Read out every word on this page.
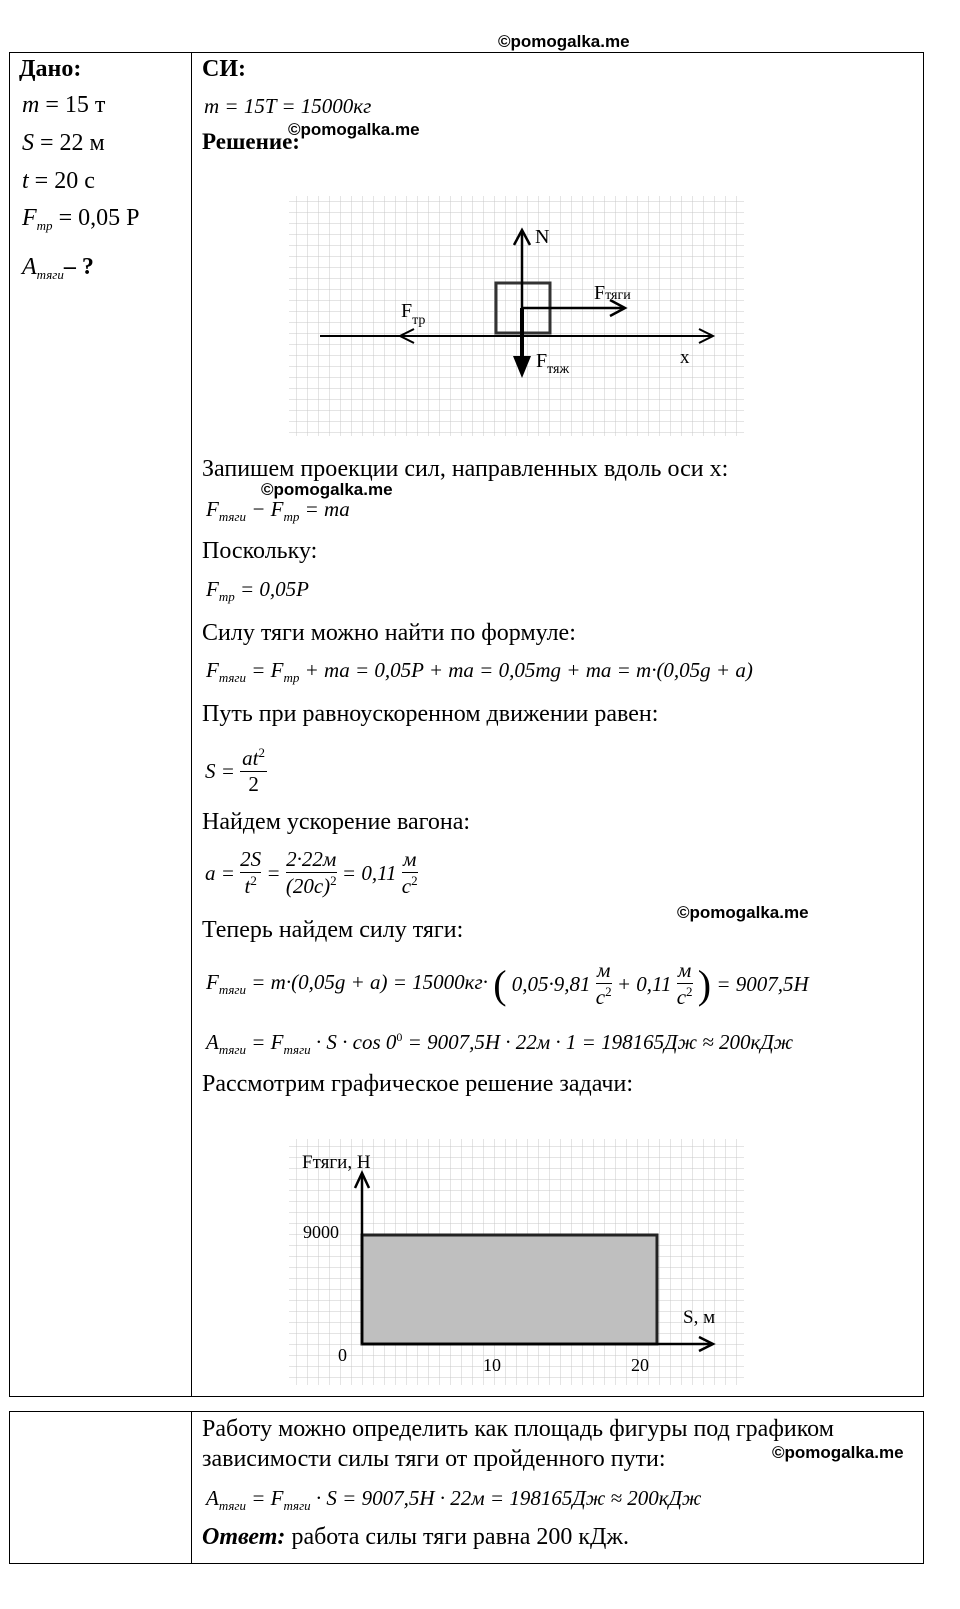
©pomogalka.me
©pomogalka.me
©pomogalka.me
©pomogalka.me
©pomogalka.me
Дано:
m = 15 т
S = 22 м
t = 20 с
$F_{тр} = 0,05$ P
$A_{тяги}-$ ?
СИ:
m = 15T = 15000кг
Решение:
N
Fтяги
$F_{тр}$
$F_{тяж}$
x
Запишем проекции сил, направленных вдоль оси x:
$F_{тяги} - F_{тр}$ = ma
Поскольку:
$F_{тр} = 0,05P$
Силу тяги можно найти по формуле:
$F_{тяги} = F_{тр}$ + ma = 0,05P + ma = 0,05mg + ma = m·(0,05g + a)
Путь при равноускоренном движении равен:
$S = \frac{at^2}{2}$
Найдем ускорение вагона:
$a = \frac{2S}{t^2}$ =
2·22м
$(20с)^2 = 0,11$
м
$с^2$
Теперь найдем силу тяги:
$F_{тяги} = m\cdot(0,05g + a) = 15000кг\cdot$ ( 0,05·9,81
м
$с^2 + 0,11$
м
$с^2$ ) = 9007,5Н
$A_{тяги} = F_{тяги} \cdot S \cdot \cos 0^0 = 9007,5Н \cdot 22м \cdot 1 = 198165Дж \approx 200кДж$
Рассмотрим графическое решение задачи:
Fтяги, Н
S, м
9000
0	10	20
Работу можно определить как площадь фигуры под графиком
зависимости силы тяги от пройденного пути:
$A_{тяги} = F_{тяги} \cdot S = 9007,5Н \cdot 22м = 198165Дж \approx 200кДж$
Ответ: работа силы тяги равна 200 кДж.
